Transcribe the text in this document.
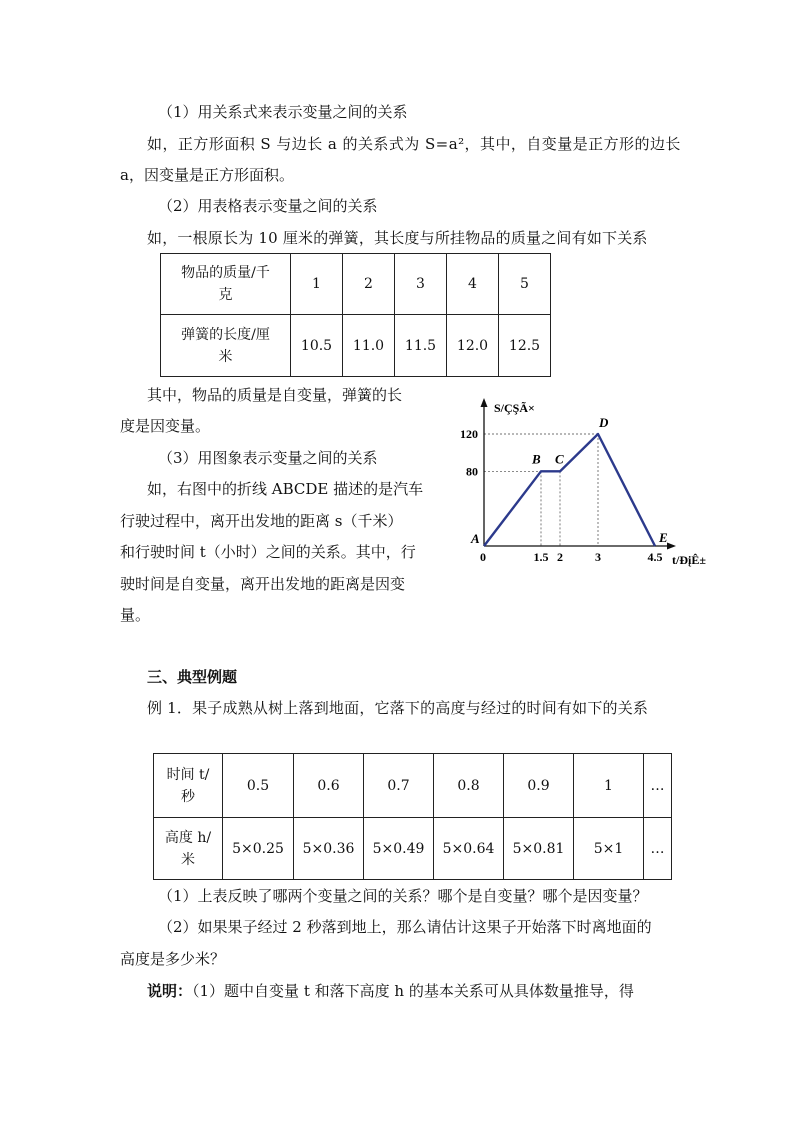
（1）用关系式来表示变量之间的关系
如，正方形面积 S 与边长 a 的关系式为 S=a²，其中，自变量是正方形的边长
a，因变量是正方形面积。
（2）用表格表示变量之间的关系
如，一根原长为 10 厘米的弹簧，其长度与所挂物品的质量之间有如下关系
物品的质量/千
克	1	2	3	4	5
弹簧的长度/厘
米	10.5	11.0	11.5	12.0	12.5
其中，物品的质量是自变量，弹簧的长
度是因变量。
（3）用图象表示变量之间的关系
如，右图中的折线 ABCDE 描述的是汽车
行驶过程中，离开出发地的距离 s（千米）
和行驶时间 t（小时）之间的关系。其中，行
驶时间是自变量，离开出发地的距离是因变
量。
S/ÇŞÃ×
t/ĐįÊ±
0
80
120
1.5 2	3	4.5
A
B C
D
E
三、典型例题
例 1．果子成熟从树上落到地面，它落下的高度与经过的时间有如下的关系
时间 t/
秒	0.5	0.6	0.7	0.8	0.9	1	…
高度 h/
米	5×0.25	5×0.36	5×0.49	5×0.64	5×0.81	5×1	…
（1）上表反映了哪两个变量之间的关系？哪个是自变量？哪个是因变量？
（2）如果果子经过 2 秒落到地上，那么请估计这果子开始落下时离地面的
高度是多少米？
说明：（1）题中自变量 t 和落下高度 h 的基本关系可从具体数量推导，得
